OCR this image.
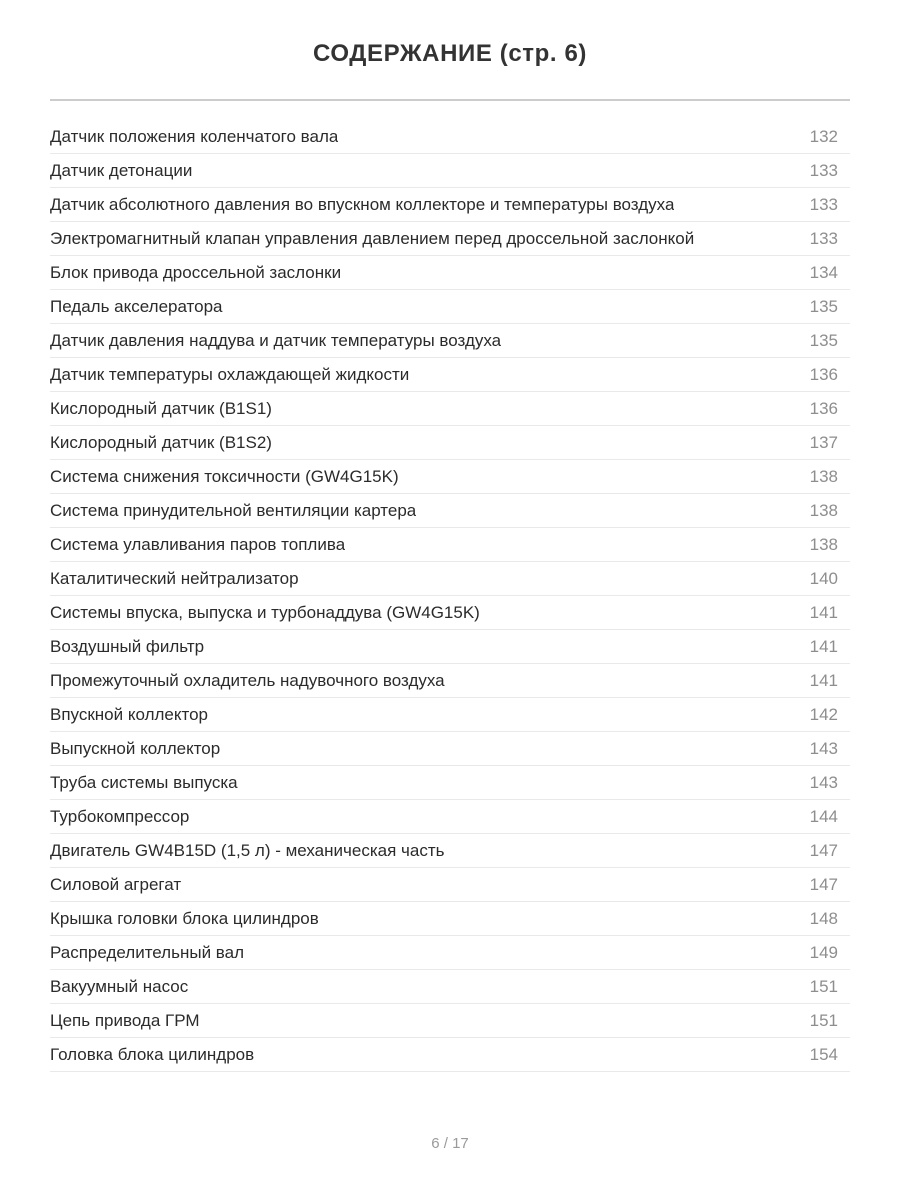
СОДЕРЖАНИЕ (стр. 6)
Датчик положения коленчатого вала	132
Датчик детонации	133
Датчик абсолютного давления во впускном коллекторе и температуры воздуха	133
Электромагнитный клапан управления давлением перед дроссельной заслонкой	133
Блок привода дроссельной заслонки	134
Педаль акселератора	135
Датчик давления наддува и датчик температуры воздуха	135
Датчик температуры охлаждающей жидкости	136
Кислородный датчик (B1S1)	136
Кислородный датчик (B1S2)	137
Система снижения токсичности (GW4G15K)	138
Система принудительной вентиляции картера	138
Система улавливания паров топлива	138
Каталитический нейтрализатор	140
Системы впуска, выпуска и турбонаддува (GW4G15K)	141
Воздушный фильтр	141
Промежуточный охладитель надувочного воздуха	141
Впускной коллектор	142
Выпускной коллектор	143
Труба системы выпуска	143
Турбокомпрессор	144
Двигатель GW4B15D (1,5 л) - механическая часть	147
Силовой агрегат	147
Крышка головки блока цилиндров	148
Распределительный вал	149
Вакуумный насос	151
Цепь привода ГРМ	151
Головка блока цилиндров	154
6 / 17
